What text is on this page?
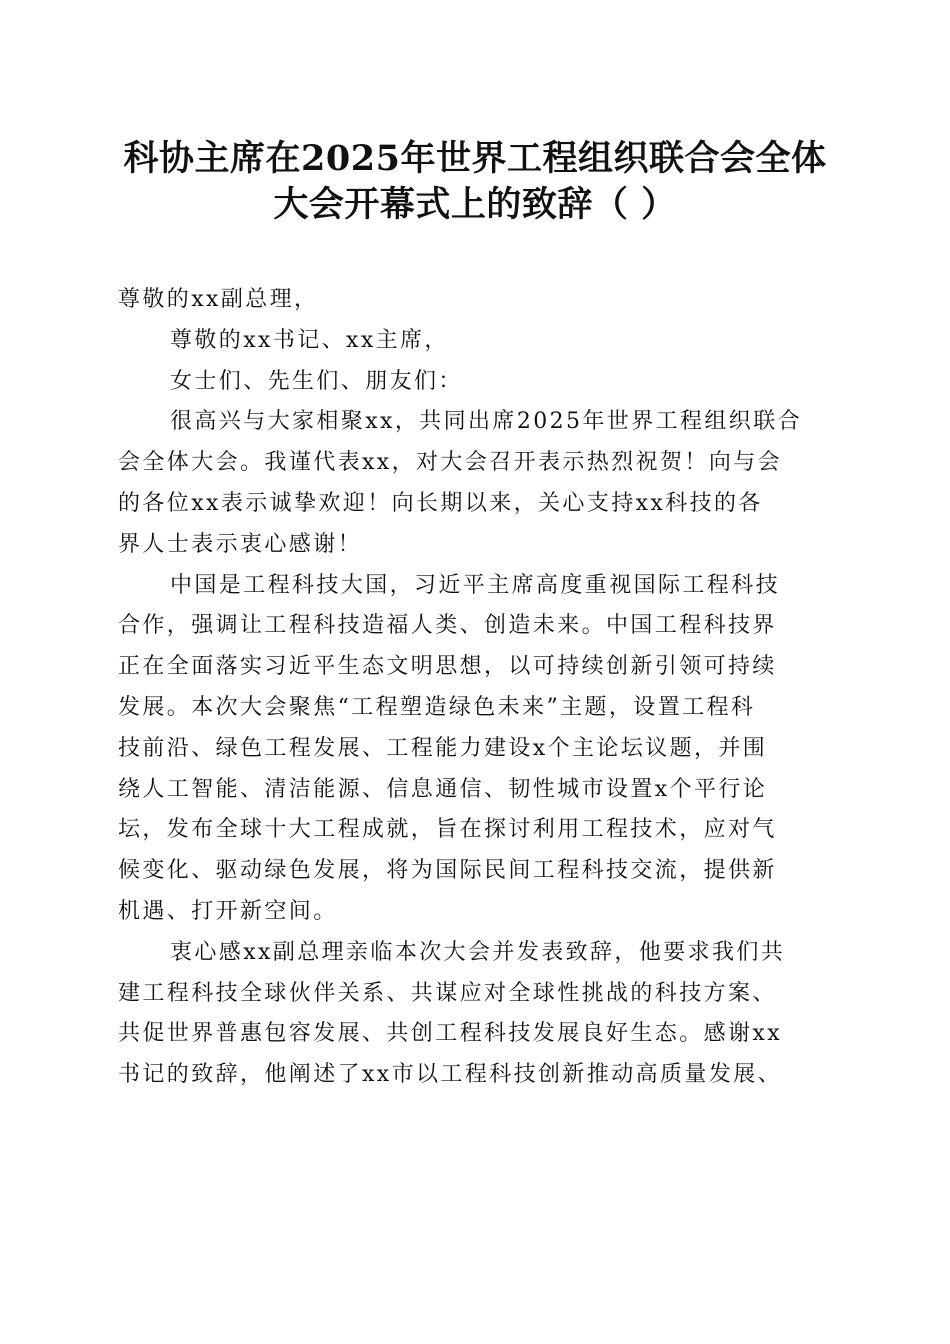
科协主席在2025年世界工程组织联合会全体
大会开幕式上的致辞（ ）
尊敬的xx副总理，
尊敬的xx书记、xx主席，
女士们、先生们、朋友们：
很高兴与大家相聚xx，共同出席2025年世界工程组织联合
会全体大会。我谨代表xx，对大会召开表示热烈祝贺！向与会
的各位xx表示诚挚欢迎！向长期以来，关心支持xx科技的各
界人士表示衷心感谢！
中国是工程科技大国，习近平主席高度重视国际工程科技
合作，强调让工程科技造福人类、创造未来。中国工程科技界
正在全面落实习近平生态文明思想，以可持续创新引领可持续
发展。本次大会聚焦“工程塑造绿色未来”主题，设置工程科
技前沿、绿色工程发展、工程能力建设x个主论坛议题，并围
绕人工智能、清洁能源、信息通信、韧性城市设置x个平行论
坛，发布全球十大工程成就，旨在探讨利用工程技术，应对气
候变化、驱动绿色发展，将为国际民间工程科技交流，提供新
机遇、打开新空间。
衷心感xx副总理亲临本次大会并发表致辞，他要求我们共
建工程科技全球伙伴关系、共谋应对全球性挑战的科技方案、
共促世界普惠包容发展、共创工程科技发展良好生态。感谢xx
书记的致辞，他阐述了xx市以工程科技创新推动高质量发展、
